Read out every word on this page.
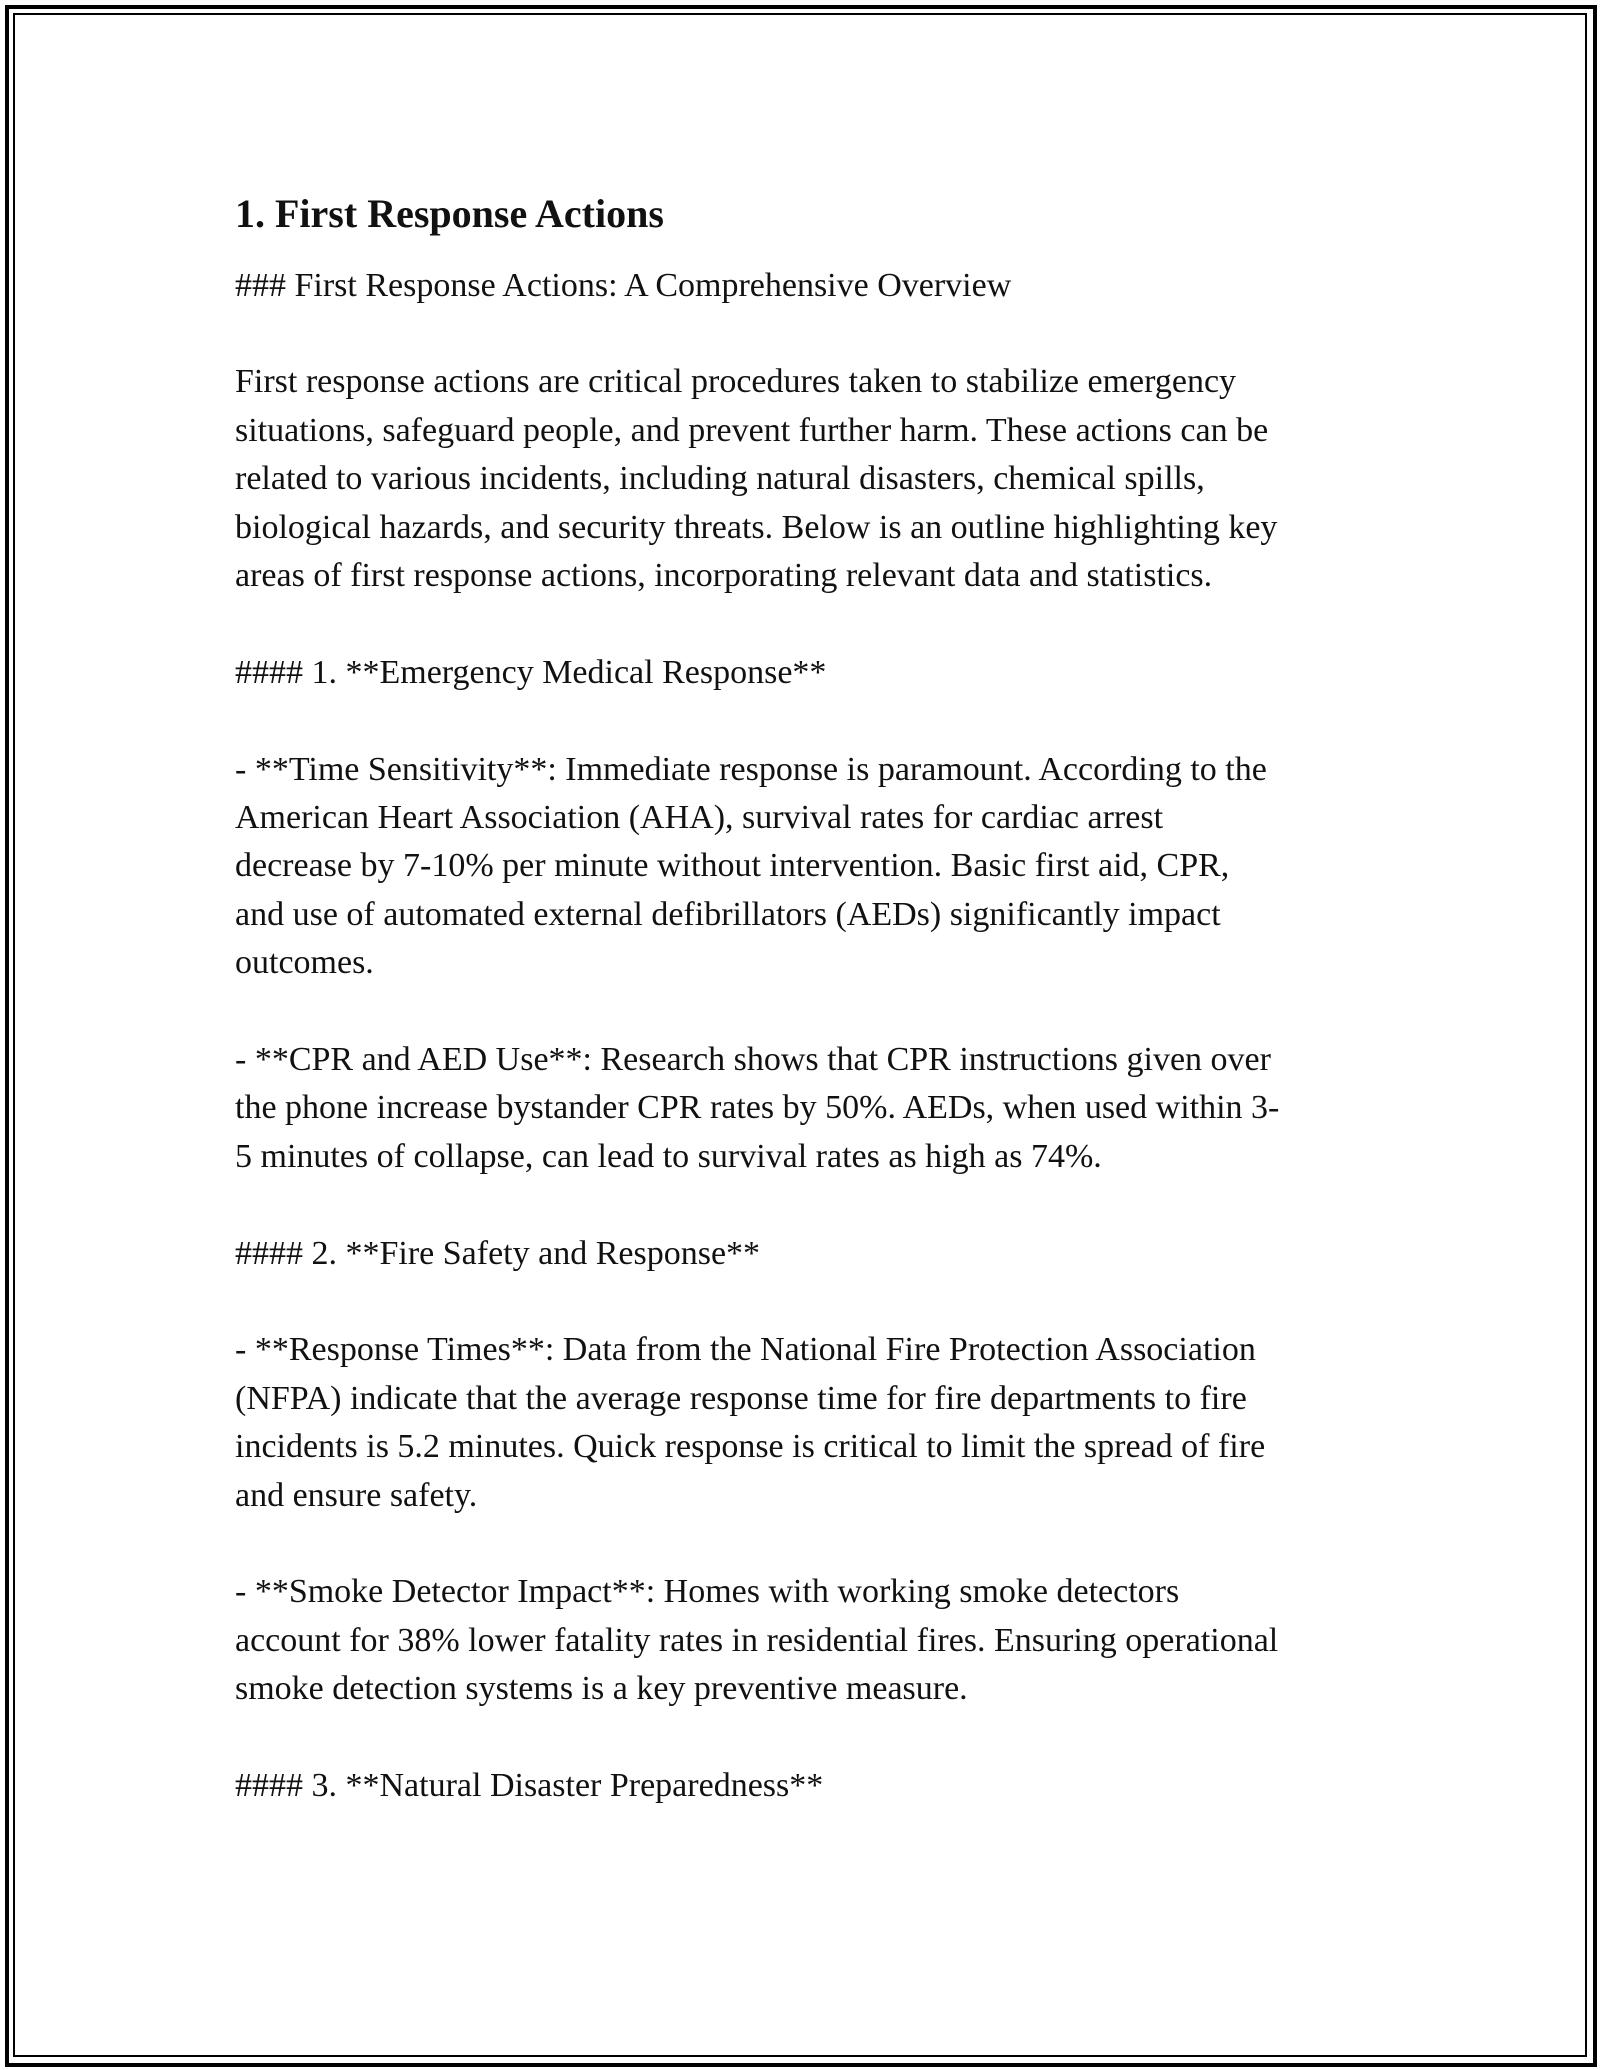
1. First Response Actions

### First Response Actions: A Comprehensive Overview

First response actions are critical procedures taken to stabilize emergency
situations, safeguard people, and prevent further harm. These actions can be
related to various incidents, including natural disasters, chemical spills,
biological hazards, and security threats. Below is an outline highlighting key
areas of first response actions, incorporating relevant data and statistics.

#### 1. **Emergency Medical Response**

- **Time Sensitivity**: Immediate response is paramount. According to the
American Heart Association (AHA), survival rates for cardiac arrest
decrease by 7-10% per minute without intervention. Basic first aid, CPR,
and use of automated external defibrillators (AEDs) significantly impact
outcomes.

- **CPR and AED Use**: Research shows that CPR instructions given over
the phone increase bystander CPR rates by 50%. AEDs, when used within 3-
5 minutes of collapse, can lead to survival rates as high as 74%.

#### 2. **Fire Safety and Response**

- **Response Times**: Data from the National Fire Protection Association
(NFPA) indicate that the average response time for fire departments to fire
incidents is 5.2 minutes. Quick response is critical to limit the spread of fire
and ensure safety.

- **Smoke Detector Impact**: Homes with working smoke detectors
account for 38% lower fatality rates in residential fires. Ensuring operational
smoke detection systems is a key preventive measure.

#### 3. **Natural Disaster Preparedness**
